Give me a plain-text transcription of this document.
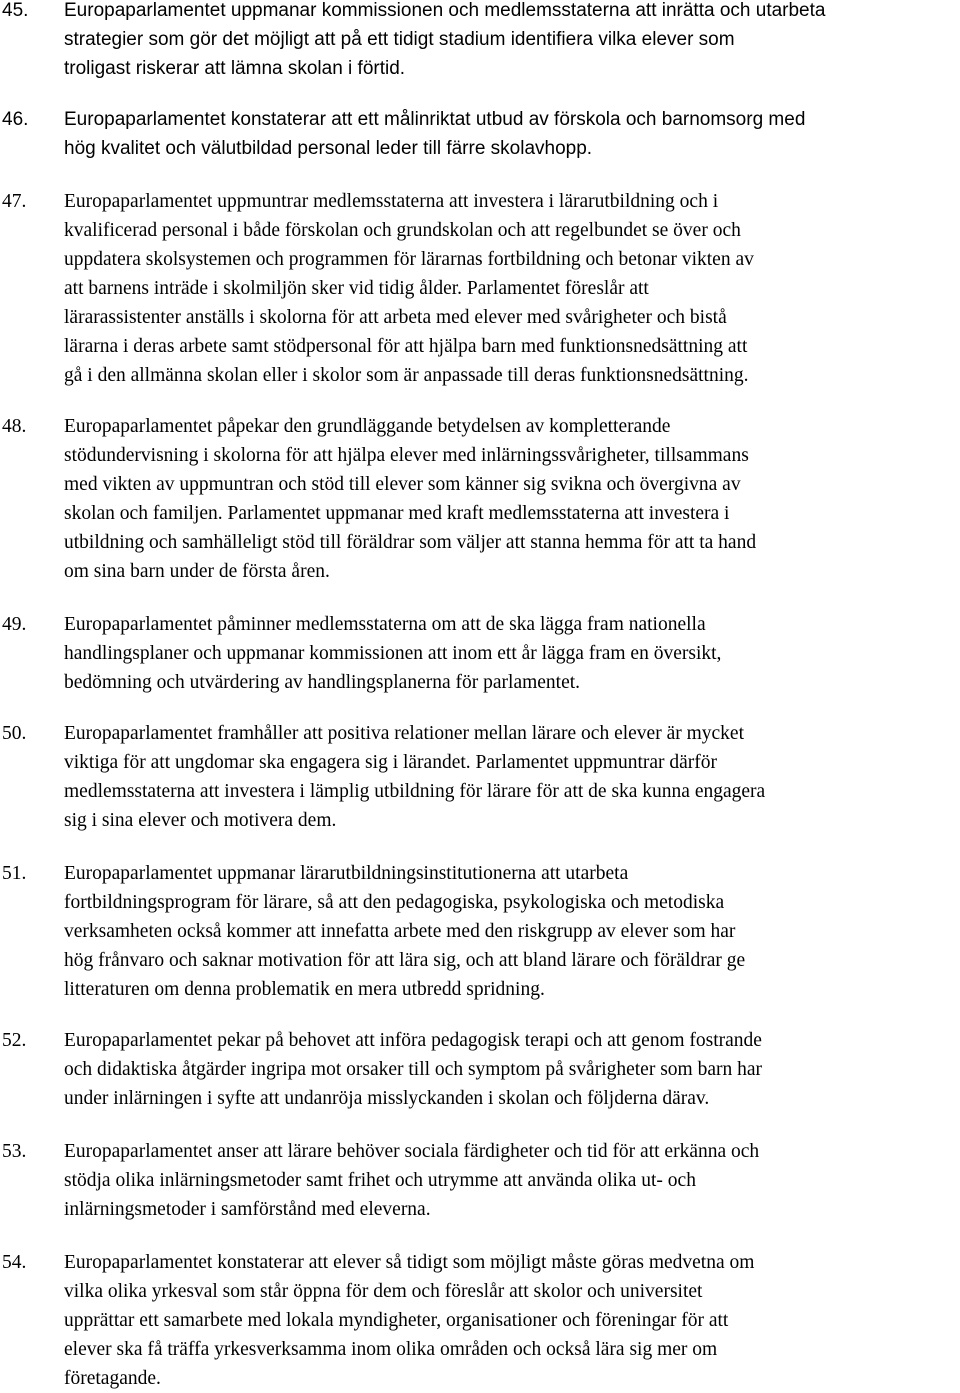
45. Europaparlamentet uppmanar kommissionen och medlemsstaterna att inrätta och utarbeta
strategier som gör det möjligt att på ett tidigt stadium identifiera vilka elever som
troligast riskerar att lämna skolan i förtid.
46. Europaparlamentet konstaterar att ett målinriktat utbud av förskola och barnomsorg med
hög kvalitet och välutbildad personal leder till färre skolavhopp.
47. Europaparlamentet uppmuntrar medlemsstaterna att investera i lärarutbildning och i
kvalificerad personal i både förskolan och grundskolan och att regelbundet se över och
uppdatera skolsystemen och programmen för lärarnas fortbildning och betonar vikten av
att barnens inträde i skolmiljön sker vid tidig ålder. Parlamentet föreslår att
lärarassistenter anställs i skolorna för att arbeta med elever med svårigheter och bistå
lärarna i deras arbete samt stödpersonal för att hjälpa barn med funktionsnedsättning att
gå i den allmänna skolan eller i skolor som är anpassade till deras funktionsnedsättning.
48. Europaparlamentet påpekar den grundläggande betydelsen av kompletterande
stödundervisning i skolorna för att hjälpa elever med inlärningssvårigheter, tillsammans
med vikten av uppmuntran och stöd till elever som känner sig svikna och övergivna av
skolan och familjen. Parlamentet uppmanar med kraft medlemsstaterna att investera i
utbildning och samhälleligt stöd till föräldrar som väljer att stanna hemma för att ta hand
om sina barn under de första åren.
49. Europaparlamentet påminner medlemsstaterna om att de ska lägga fram nationella
handlingsplaner och uppmanar kommissionen att inom ett år lägga fram en översikt,
bedömning och utvärdering av handlingsplanerna för parlamentet.
50. Europaparlamentet framhåller att positiva relationer mellan lärare och elever är mycket
viktiga för att ungdomar ska engagera sig i lärandet. Parlamentet uppmuntrar därför
medlemsstaterna att investera i lämplig utbildning för lärare för att de ska kunna engagera
sig i sina elever och motivera dem.
51. Europaparlamentet uppmanar lärarutbildningsinstitutionerna att utarbeta
fortbildningsprogram för lärare, så att den pedagogiska, psykologiska och metodiska
verksamheten också kommer att innefatta arbete med den riskgrupp av elever som har
hög frånvaro och saknar motivation för att lära sig, och att bland lärare och föräldrar ge
litteraturen om denna problematik en mera utbredd spridning.
52. Europaparlamentet pekar på behovet att införa pedagogisk terapi och att genom fostrande
och didaktiska åtgärder ingripa mot orsaker till och symptom på svårigheter som barn har
under inlärningen i syfte att undanröja misslyckanden i skolan och följderna därav.
53. Europaparlamentet anser att lärare behöver sociala färdigheter och tid för att erkänna och
stödja olika inlärningsmetoder samt frihet och utrymme att använda olika ut- och
inlärningsmetoder i samförstånd med eleverna.
54. Europaparlamentet konstaterar att elever så tidigt som möjligt måste göras medvetna om
vilka olika yrkesval som står öppna för dem och föreslår att skolor och universitet
upprättar ett samarbete med lokala myndigheter, organisationer och föreningar för att
elever ska få träffa yrkesverksamma inom olika områden och också lära sig mer om
företagande.
